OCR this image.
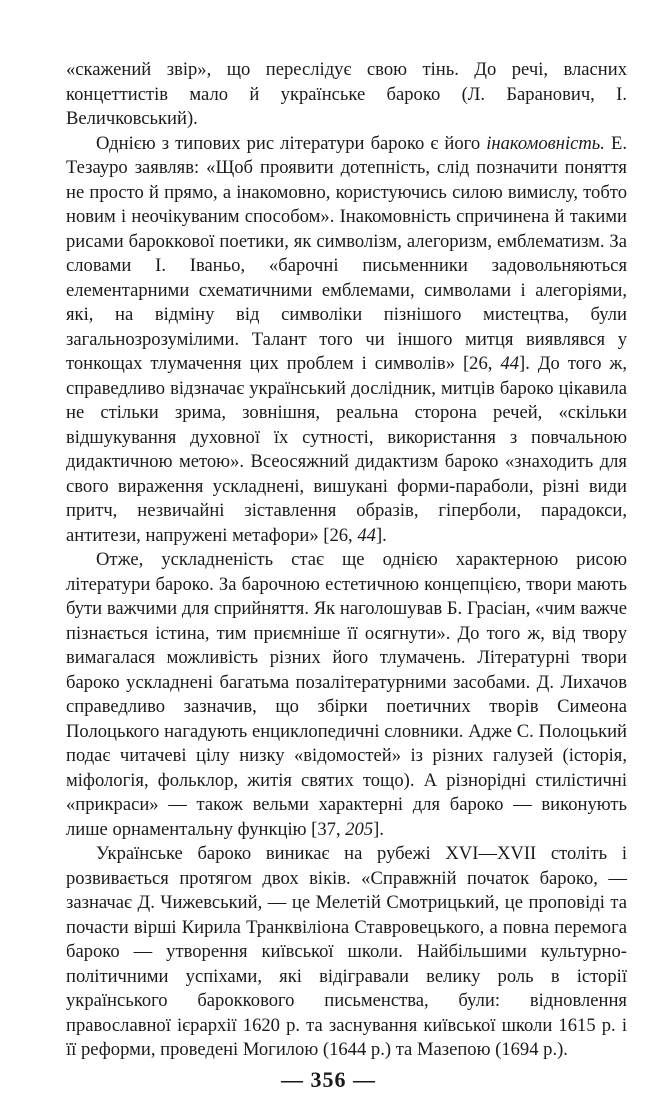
«скажений звір», що переслідує свою тінь. До речі, власних концеттистів мало й українське бароко (Л. Баранович, І. Величковський).

Однією з типових рис літератури бароко є його інакомовність. Е. Тезауро заявляв: «Щоб проявити дотепність, слід позначити поняття не просто й прямо, а інакомовно, користуючись силою вимислу, тобто новим і неочікуваним способом». Інакомовність спричинена й такими рисами бароккової поетики, як символізм, алегоризм, емблематизм. За словами І. Іваньо, «барочні письменники задовольняються елементарними схематичними емблемами, символами і алегоріями, які, на відміну від символіки пізнішого мистецтва, були загальнозрозумілими. Талант того чи іншого митця виявлявся у тонкощах тлумачення цих проблем і символів» [26, 44]. До того ж, справедливо відзначає український дослідник, митців бароко цікавила не стільки зрима, зовнішня, реальна сторона речей, «скільки відшукування духовної їх сутності, використання з повчальною дидактичною метою». Всеосяжний дидактизм бароко «знаходить для свого вираження ускладнені, вишукані форми-параболи, різні види притч, незвичайні зіставлення образів, гіперболи, парадокси, антитези, напружені метафори» [26, 44].

Отже, ускладненість стає ще однією характерною рисою літератури бароко. За барочною естетичною концепцією, твори мають бути важчими для сприйняття. Як наголошував Б. Грасіан, «чим важче пізнається істина, тим приємніше її осягнути». До того ж, від твору вимагалася можливість різних його тлумачень. Літературні твори бароко ускладнені багатьма позалітературними засобами. Д. Лихачов справедливо зазначив, що збірки поетичних творів Симеона Полоцького нагадують енциклопедичні словники. Адже С. Полоцький подає читачеві цілу низку «відомостей» із різних галузей (історія, міфологія, фольклор, житія святих тощо). А різнорідні стилістичні «прикраси» — також вельми характерні для бароко — виконують лише орнаментальну функцію [37, 205].

Українське бароко виникає на рубежі XVI—XVII століть і розвивається протягом двох віків. «Справжній початок бароко, — зазначає Д. Чижевський, — це Мелетій Смотрицький, це проповіді та почасти вірші Кирила Транквіліона Ставровецького, а повна перемога бароко — утворення київської школи. Найбільшими культурно-політичними успіхами, які відігравали велику роль в історії українського бароккового письменства, були: відновлення православної ієрархії 1620 р. та заснування київської школи 1615 р. і її реформи, проведені Могилою (1644 р.) та Мазепою (1694 р.).

— 356 —
